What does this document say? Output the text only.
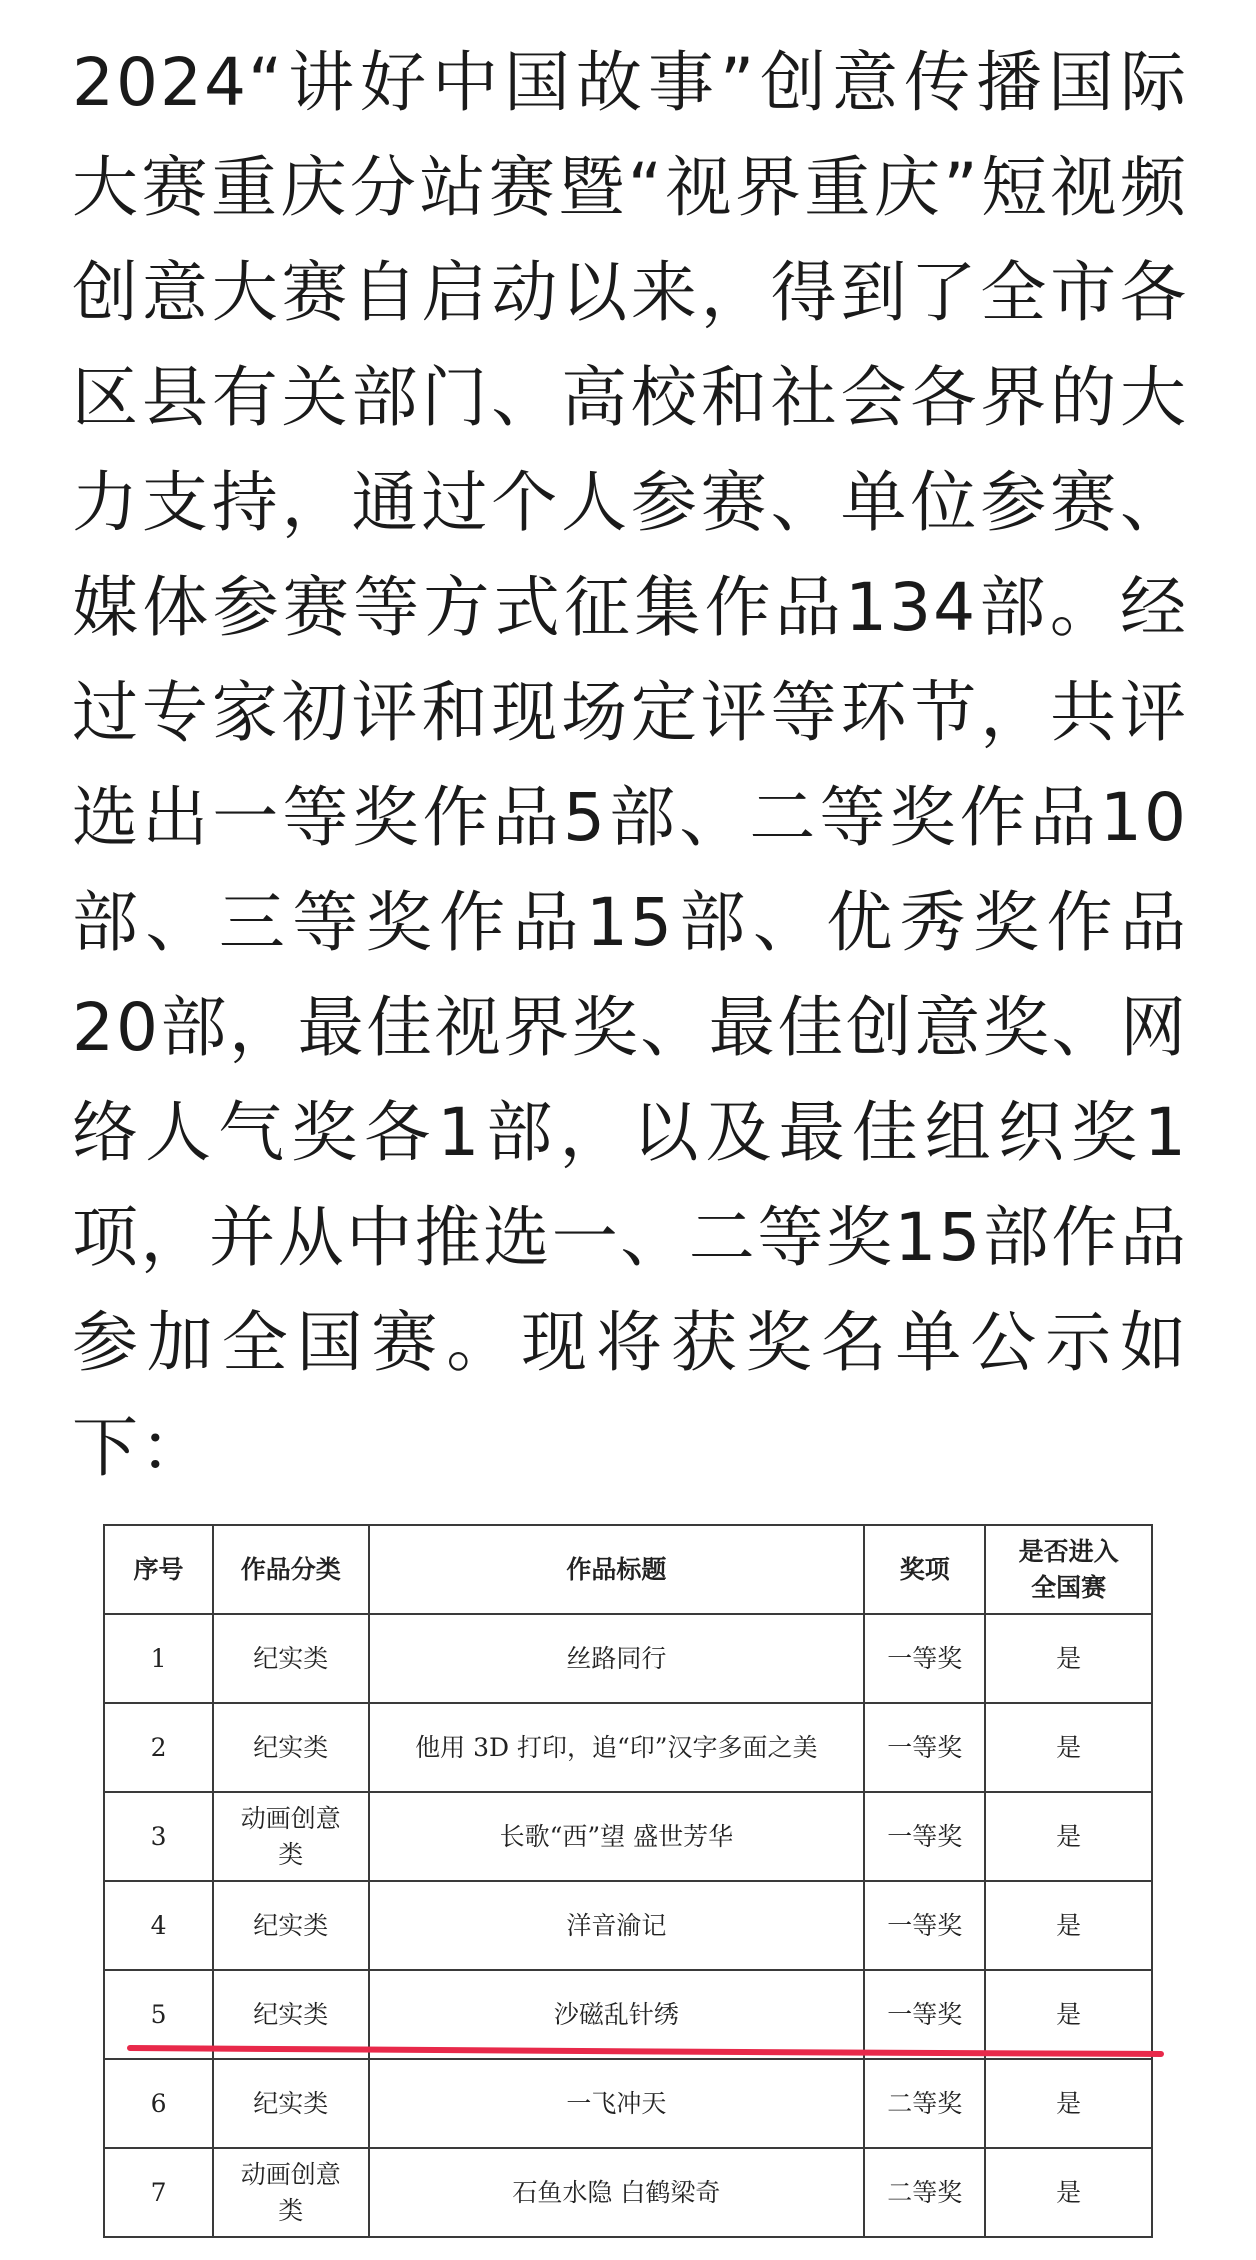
2024“讲好中国故事”创意传播国际大赛重庆分站赛暨“视界重庆”短视频创意大赛自启动以来，得到了全市各区县有关部门、高校和社会各界的大力支持，通过个人参赛、单位参赛、媒体参赛等方式征集作品134部。经过专家初评和现场定评等环节，共评选出一等奖作品5部、二等奖作品10部、三等奖作品15部、优秀奖作品20部，最佳视界奖、最佳创意奖、网络人气奖各1部，以及最佳组织奖1项，并从中推选一、二等奖15部作品参加全国赛。现将获奖名单公示如下：

序号	作品分类	作品标题	奖项	是否进入全国赛
1	纪实类	丝路同行	一等奖	是
2	纪实类	他用 3D 打印，追“印”汉字多面之美	一等奖	是
3	动画创意类	长歌“西”望 盛世芳华	一等奖	是
4	纪实类	洋音渝记	一等奖	是
5	纪实类	沙磁乱针绣	一等奖	是
6	纪实类	一飞冲天	二等奖	是
7	动画创意类	石鱼水隐 白鹤梁奇	二等奖	是
